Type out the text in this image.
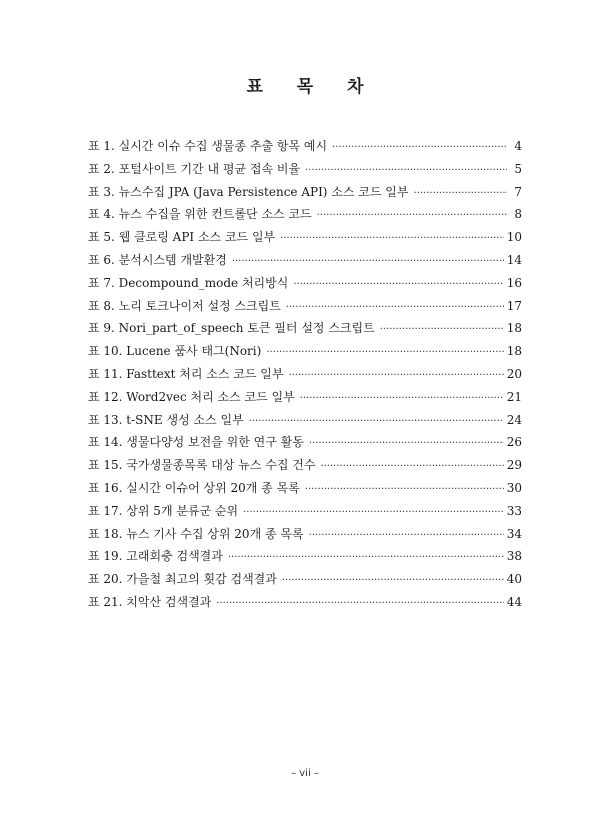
표 목 차
표 1. 실시간 이슈 수집 생물종 추출 항목 예시 ·····	4
표 2. 포털사이트 기간 내 평균 접속 비율 ·····	5
표 3. 뉴스수집 JPA (Java Persistence API) 소스 코드 일부 ·····	7
표 4. 뉴스 수집을 위한 컨트롤단 소스 코드 ·····	8
표 5. 웹 클로링 API 소스 코드 일부 ·····	10
표 6. 분석시스템 개발환경 ·····	14
표 7. Decompound_mode 처리방식 ·····	16
표 8. 노리 토크나이저 설정 스크립트 ·····	17
표 9. Nori_part_of_speech 토큰 필터 설정 스크립트 ·····	18
표 10. Lucene 품사 태그(Nori) ·····	18
표 11. Fasttext 처리 소스 코드 일부 ·····	20
표 12. Word2vec 처리 소스 코드 일부 ·····	21
표 13. t-SNE 생성 소스 일부 ·····	24
표 14. 생물다양성 보전을 위한 연구 활동 ·····	26
표 15. 국가생물종목록 대상 뉴스 수집 건수 ·····	29
표 16. 실시간 이슈어 상위 20개 종 목록 ·····	30
표 17. 상위 5개 분류군 순위 ·····	33
표 18. 뉴스 기사 수집 상위 20개 종 목록 ·····	34
표 19. 고래회충 검색결과 ·····	38
표 20. 가을철 최고의 횟감 검색결과 ·····	40
표 21. 치악산 검색결과 ·····	44
– vii –
